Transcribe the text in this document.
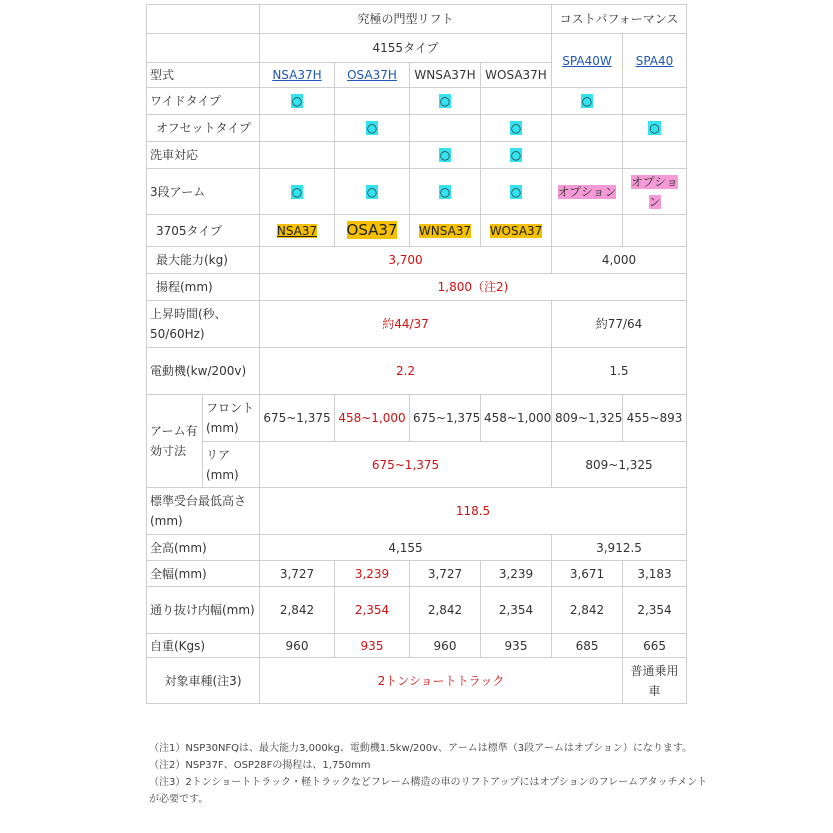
		究極の門型リフト				コストパフォーマンス	
		4155タイプ				SPA40W	SPA40
型式		NSA37H	OSA37H	WNSA37H	WOSA37H		
ワイドタイプ		○		○		○	
オフセットタイプ			○		○		○
洗車対応				○	○		
3段アーム		○	○	○	○	オプション	オプション
3705タイプ		NSA37	OSA37	WNSA37	WOSA37		
最大能力(kg)		3,700				4,000	
揚程(mm)		1,800（注2)					
上昇時間(秒、50/60Hz)		約44/37				約77/64	
電動機(kw/200v)		2.2				1.5	
アーム有効寸法	フロント(mm)	675~1,375	458~1,000	675~1,375	458~1,000	809~1,325	455~893
	リア(mm)	675~1,375				809~1,325	
標準受台最低高さ(mm)		118.5					
全高(mm)		4,155				3,912.5	
全幅(mm)		3,727	3,239	3,727	3,239	3,671	3,183
通り抜け内幅(mm)		2,842	2,354	2,842	2,354	2,842	2,354
自重(Kgs)		960	935	960	935	685	665
対象車種(注3)		2トンショートトラック					普通乗用車

（注1）NSP30NFQは、最大能力3,000kg、電動機1.5kw/200v、アームは標準（3段アームはオプション）になります。

（注2）NSP37F、OSP28Fの揚程は、1,750mm

（注3）2トンショートトラック・軽トラックなどフレーム構造の車のリフトアップにはオプションのフレームアタッチメントが必要です。
